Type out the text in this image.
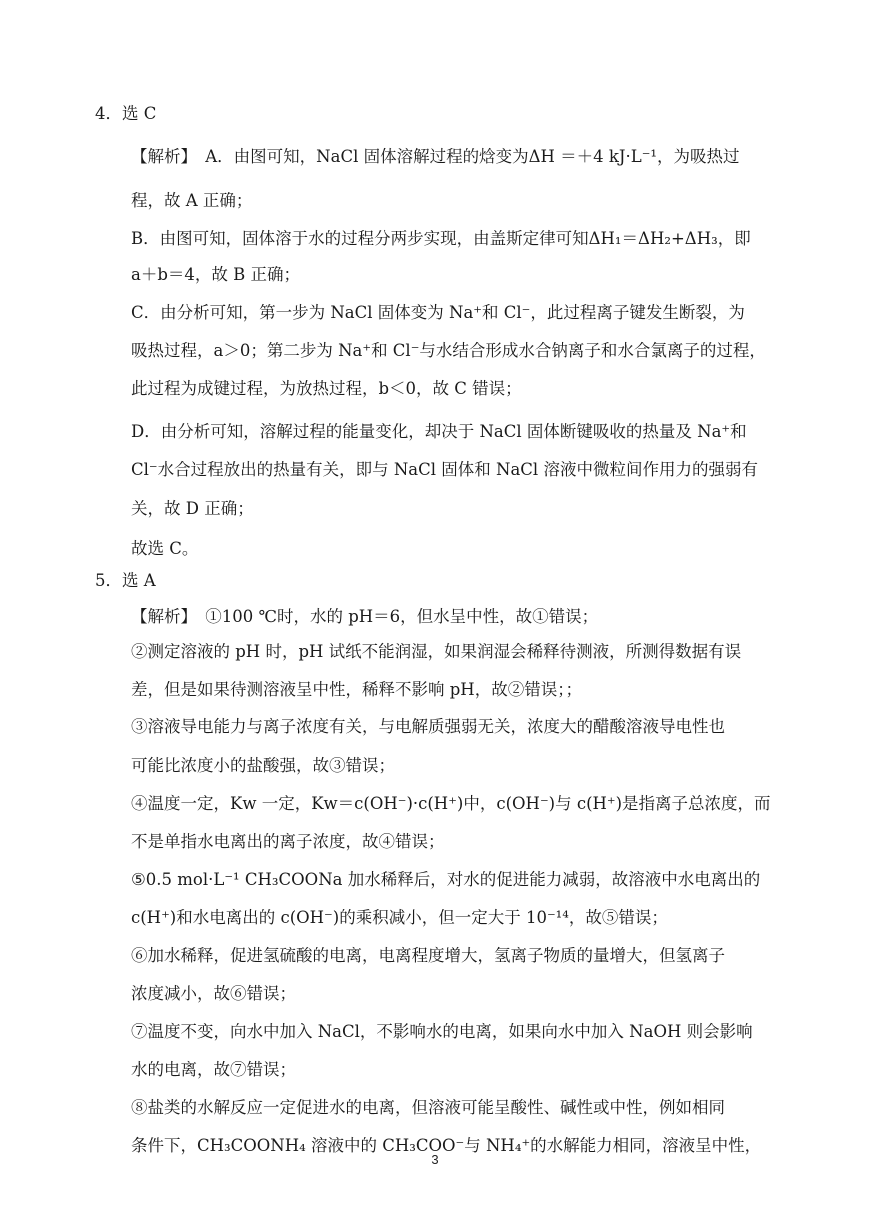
4．选 C
【解析】　A．由图可知，NaCl 固体溶解过程的焓变为ΔH ＝＋4 kJ·L⁻¹，为吸热过
程，故 A 正确；
B．由图可知，固体溶于水的过程分两步实现，由盖斯定律可知ΔH₁＝ΔH₂+ΔH₃，即
a＋b＝4，故 B 正确；
C．由分析可知，第一步为 NaCl 固体变为 Na⁺和 Cl⁻，此过程离子键发生断裂，为
吸热过程，a＞0；第二步为 Na⁺和 Cl⁻与水结合形成水合钠离子和水合氯离子的过程，
此过程为成键过程，为放热过程，b＜0，故 C 错误；
D．由分析可知，溶解过程的能量变化，却决于 NaCl 固体断键吸收的热量及 Na⁺和
Cl⁻水合过程放出的热量有关，即与 NaCl 固体和 NaCl 溶液中微粒间作用力的强弱有
关，故 D 正确；
故选 C。
5．选 A
【解析】　①100 ℃时，水的 pH＝6，但水呈中性，故①错误；
②测定溶液的 pH 时，pH 试纸不能润湿，如果润湿会稀释待测液，所测得数据有误
差，但是如果待测溶液呈中性，稀释不影响 pH，故②错误；；
③溶液导电能力与离子浓度有关，与电解质强弱无关，浓度大的醋酸溶液导电性也
可能比浓度小的盐酸强，故③错误；
④温度一定，Kw 一定，Kw＝c(OH⁻)·c(H⁺)中，c(OH⁻)与 c(H⁺)是指离子总浓度，而
不是单指水电离出的离子浓度，故④错误；
⑤0.5 mol·L⁻¹ CH₃COONa 加水稀释后，对水的促进能力减弱，故溶液中水电离出的
c(H⁺)和水电离出的 c(OH⁻)的乘积减小，但一定大于 10⁻¹⁴，故⑤错误；
⑥加水稀释，促进氢硫酸的电离，电离程度增大，氢离子物质的量增大，但氢离子
浓度减小，故⑥错误；
⑦温度不变，向水中加入 NaCl，不影响水的电离，如果向水中加入 NaOH 则会影响
水的电离，故⑦错误；
⑧盐类的水解反应一定促进水的电离，但溶液可能呈酸性、碱性或中性，例如相同
条件下，CH₃COONH₄ 溶液中的 CH₃COO⁻与 NH₄⁺的水解能力相同，溶液呈中性，
3
